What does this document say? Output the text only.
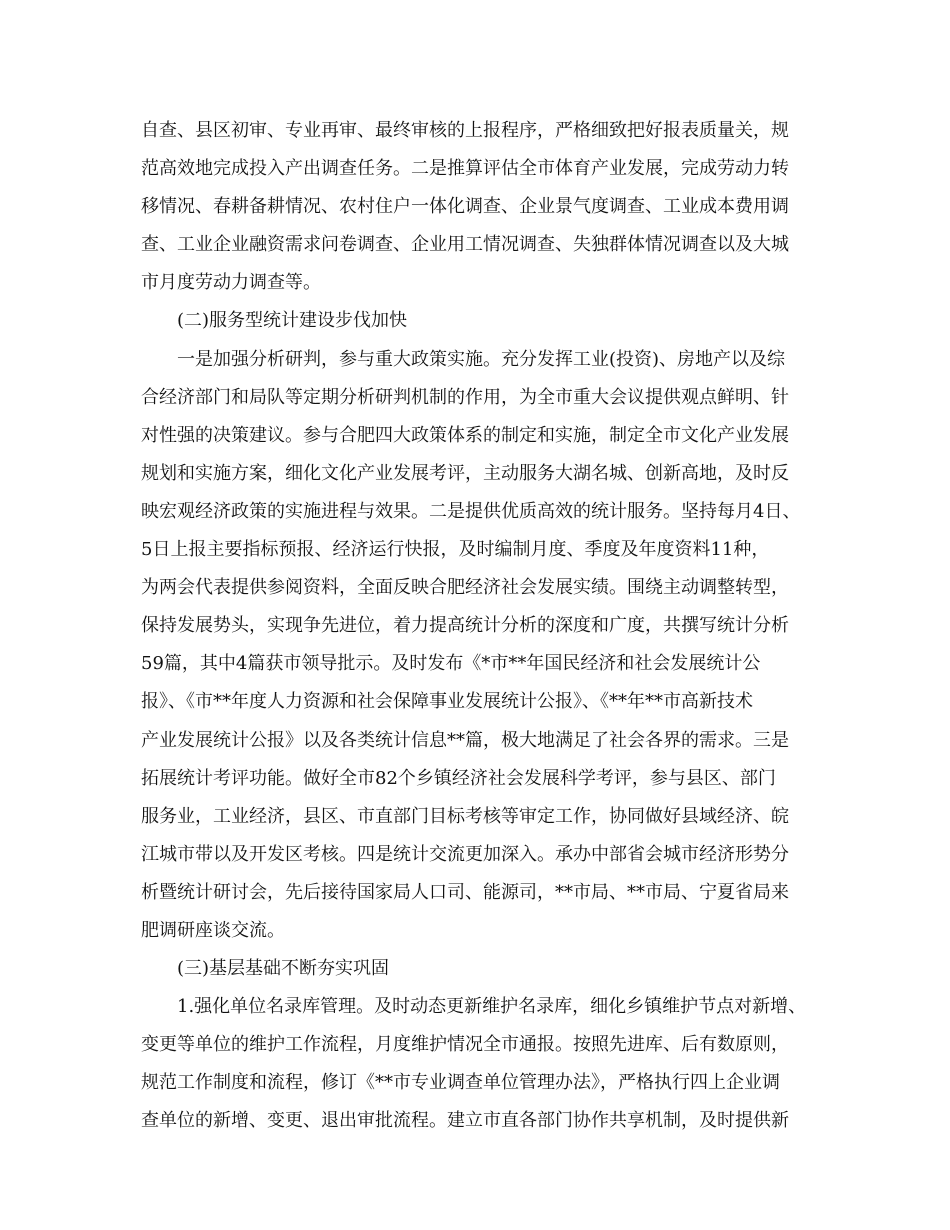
自查、县区初审、专业再审、最终审核的上报程序，严格细致把好报表质量关，规
范高效地完成投入产出调查任务。二是推算评估全市体育产业发展，完成劳动力转
移情况、春耕备耕情况、农村住户一体化调查、企业景气度调查、工业成本费用调
查、工业企业融资需求问卷调查、企业用工情况调查、失独群体情况调查以及大城
市月度劳动力调查等。
(二)服务型统计建设步伐加快
一是加强分析研判，参与重大政策实施。充分发挥工业(投资)、房地产以及综
合经济部门和局队等定期分析研判机制的作用，为全市重大会议提供观点鲜明、针
对性强的决策建议。参与合肥四大政策体系的制定和实施，制定全市文化产业发展
规划和实施方案，细化文化产业发展考评，主动服务大湖名城、创新高地，及时反
映宏观经济政策的实施进程与效果。二是提供优质高效的统计服务。坚持每月4日、
5日上报主要指标预报、经济运行快报，及时编制月度、季度及年度资料11种，
为两会代表提供参阅资料，全面反映合肥经济社会发展实绩。围绕主动调整转型，
保持发展势头，实现争先进位，着力提高统计分析的深度和广度，共撰写统计分析
59篇，其中4篇获市领导批示。及时发布《*市**年国民经济和社会发展统计公
报》、《市**年度人力资源和社会保障事业发展统计公报》、《**年**市高新技术
产业发展统计公报》以及各类统计信息**篇，极大地满足了社会各界的需求。三是
拓展统计考评功能。做好全市82个乡镇经济社会发展科学考评，参与县区、部门
服务业，工业经济，县区、市直部门目标考核等审定工作，协同做好县域经济、皖
江城市带以及开发区考核。四是统计交流更加深入。承办中部省会城市经济形势分
析暨统计研讨会，先后接待国家局人口司、能源司，**市局、**市局、宁夏省局来
肥调研座谈交流。
(三)基层基础不断夯实巩固
1.强化单位名录库管理。及时动态更新维护名录库，细化乡镇维护节点对新增、
变更等单位的维护工作流程，月度维护情况全市通报。按照先进库、后有数原则，
规范工作制度和流程，修订《**市专业调查单位管理办法》，严格执行四上企业调
查单位的新增、变更、退出审批流程。建立市直各部门协作共享机制，及时提供新
